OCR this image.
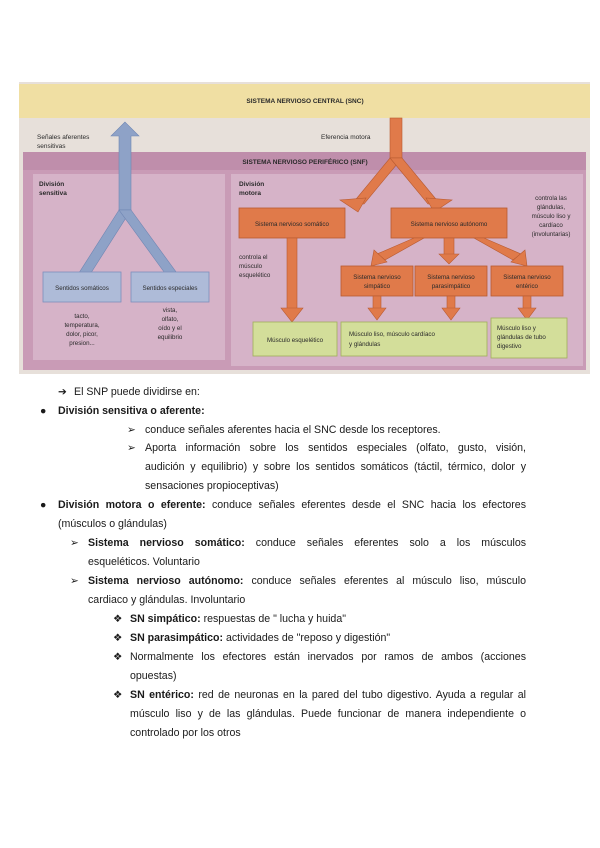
SISTEMA NERVIOSO CENTRAL (SNC)
SISTEMA NERVIOSO PERIFÉRICO (SNF)
Señales aferentes
sensitivas
Eferencia motora
División
sensitiva
Sentidos somáticos	Sentidos especiales
tacto,
temperatura,
dolor, picor,
presion...
vista,
olfato,
oído y el
equilibrio
División
motora
Sistema nervioso somático	Sistema nervioso autónomo
controla las
glándulas,
músculo liso y
cardíaco
(involuntarias)
controla el
músculo
esquelético	Sistema nervioso
simpático
Sistema nervioso
parasimpático
Sistema nervioso
entérico
Músculo esquelético
Músculo liso, músculo cardíaco
y glándulas
Músculo liso y
glándulas de tubo
digestivo
➔ El SNP puede dividirse en:
● División sensitiva o aferente:
➢ conduce señales aferentes hacia el SNC desde los receptores.
➢ Aporta información sobre los sentidos especiales (olfato, gusto, visión,
audición y equilibrio) y sobre los sentidos somáticos (táctil, térmico, dolor y
sensaciones propioceptivas)
● División motora o eferente: conduce señales eferentes desde el SNC hacia los efectores
(músculos o glándulas)
➢ Sistema nervioso somático: conduce señales eferentes solo a los músculos
esqueléticos. Voluntario
➢ Sistema nervioso autónomo: conduce señales eferentes al músculo liso, músculo
cardiaco y glándulas. Involuntario
❖ SN simpático: respuestas de " lucha y huida"
❖ SN parasimpático: actividades de "reposo y digestión"
❖ Normalmente los efectores están inervados por ramos de ambos (acciones
opuestas)
❖ SN entérico: red de neuronas en la pared del tubo digestivo. Ayuda a regular al
músculo liso y de las glándulas. Puede funcionar de manera independiente o
controlado por los otros
